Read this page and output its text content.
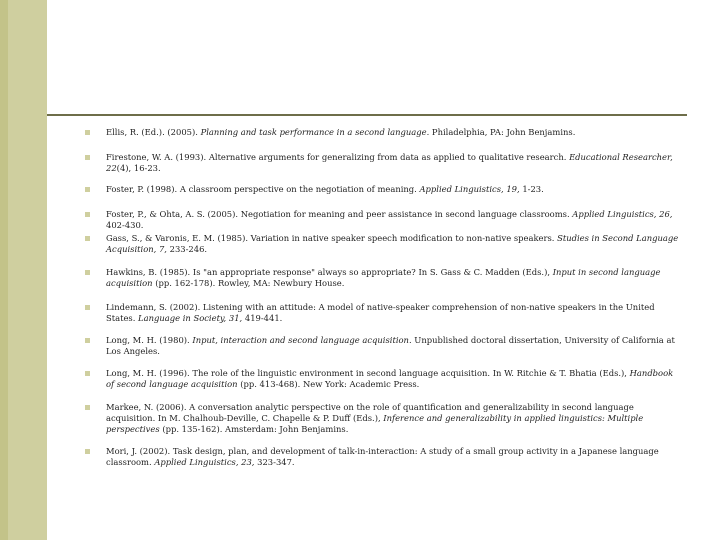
Ellis, R. (Ed.). (2005). Planning and task performance in a second language. Philadelphia, PA: John Benjamins.

Firestone, W. A. (1993). Alternative arguments for generalizing from data as applied to qualitative research. Educational Researcher, 22(4), 16-23.

Foster, P. (1998). A classroom perspective on the negotiation of meaning. Applied Linguistics, 19, 1-23.

Foster, P., & Ohta, A. S. (2005). Negotiation for meaning and peer assistance in second language classrooms. Applied Linguistics, 26, 402-430.

Gass, S., & Varonis, E. M. (1985). Variation in native speaker speech modification to non-native speakers. Studies in Second Language Acquisition, 7, 233-246.

Hawkins, B. (1985). Is "an appropriate response" always so appropriate? In S. Gass & C. Madden (Eds.), Input in second language acquisition (pp. 162-178). Rowley, MA: Newbury House.

Lindemann, S. (2002). Listening with an attitude: A model of native-speaker comprehension of non-native speakers in the United States. Language in Society, 31, 419-441.

Long, M. H. (1980). Input, interaction and second language acquisition. Unpublished doctoral dissertation, University of California at Los Angeles.

Long, M. H. (1996). The role of the linguistic environment in second language acquisition. In W. Ritchie & T. Bhatia (Eds.), Handbook of second language acquisition (pp. 413-468). New York: Academic Press.

Markee, N. (2006). A conversation analytic perspective on the role of quantification and generalizability in second language acquisition. In M. Chalhoub-Deville, C. Chapelle & P. Duff (Eds.), Inference and generalizability in applied linguistics: Multiple perspectives (pp. 135-162). Amsterdam: John Benjamins.

Mori, J. (2002). Task design, plan, and development of talk-in-interaction: A study of a small group activity in a Japanese language classroom. Applied Linguistics, 23, 323-347.
